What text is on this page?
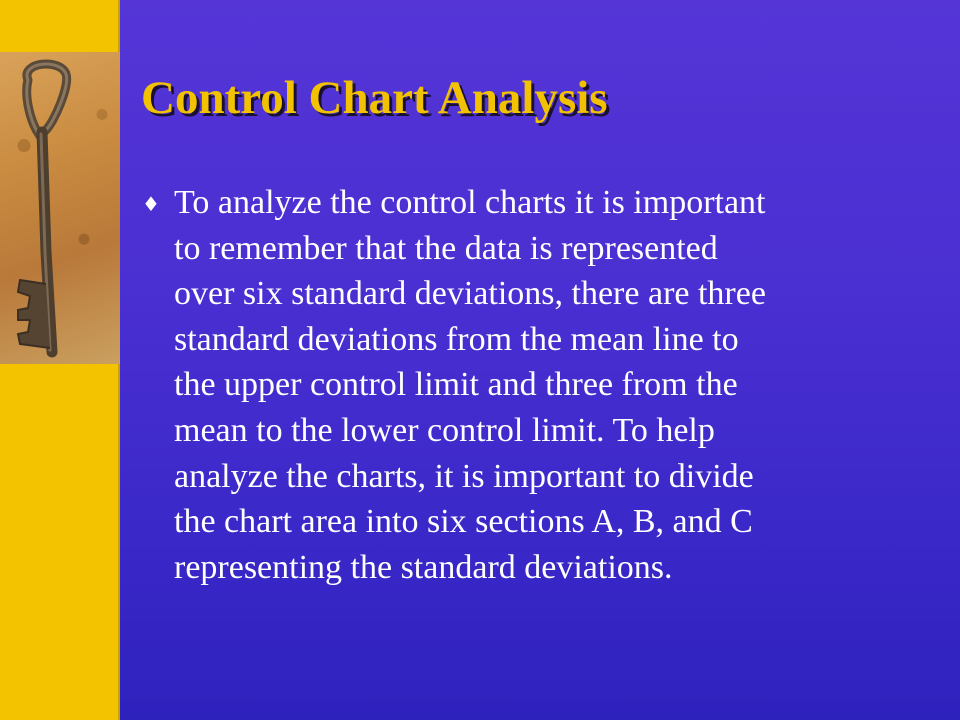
Control Chart Analysis
♦ To analyze the control charts it is important
to remember that the data is represented
over six standard deviations, there are three
standard deviations from the mean line to
the upper control limit and three from the
mean to the lower control limit. To help
analyze the charts, it is important to divide
the chart area into six sections A, B, and C
representing the standard deviations.
